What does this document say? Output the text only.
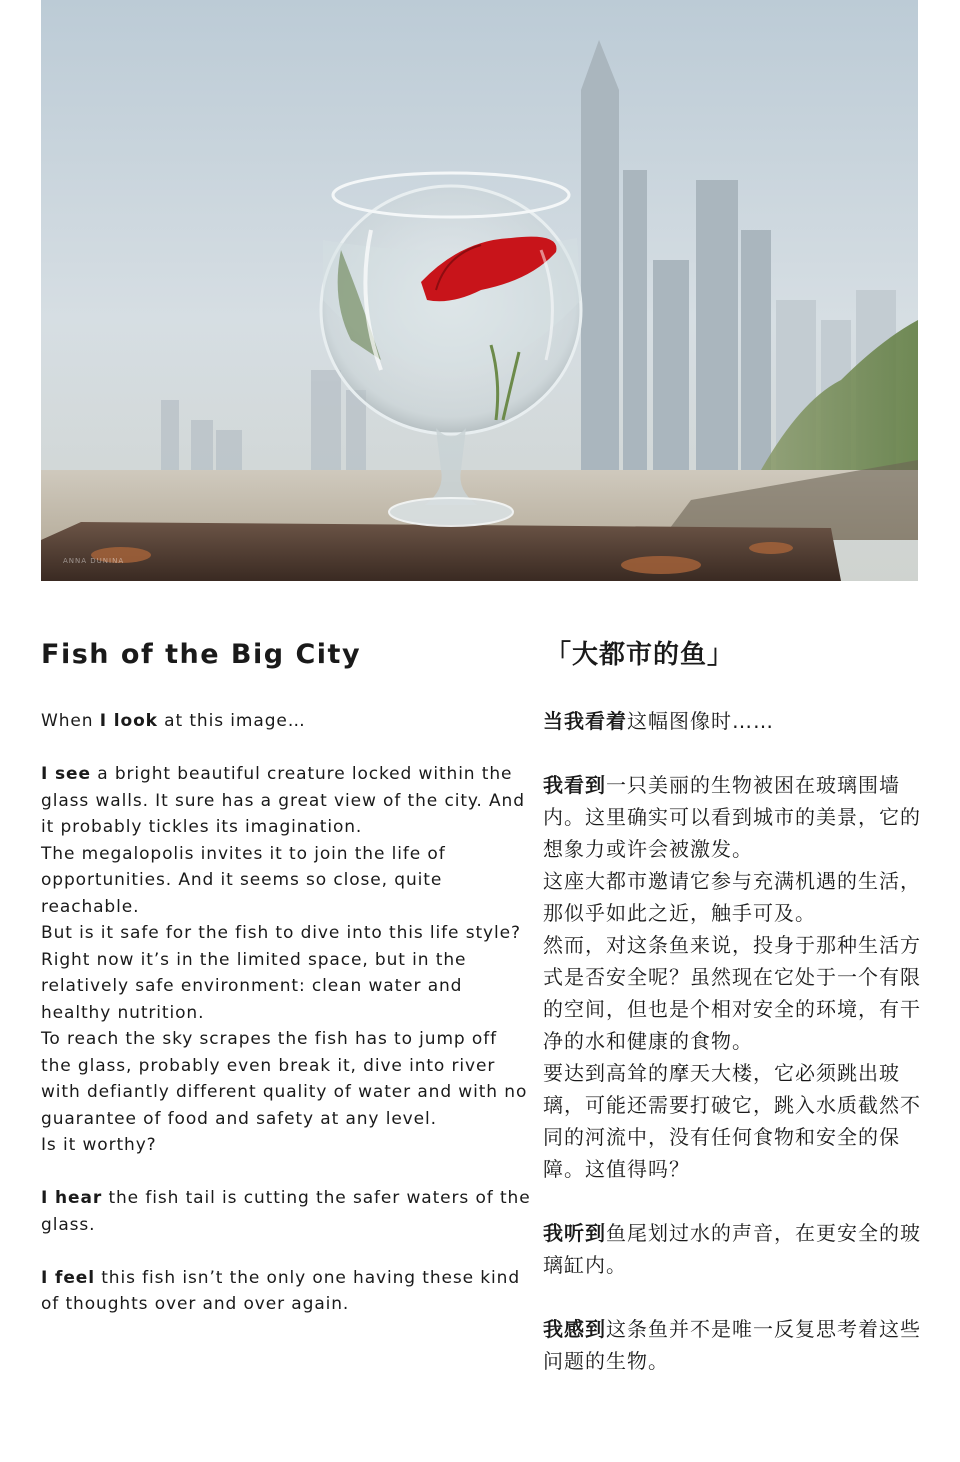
ANNA DUNINA
Fish of the Big City

When I look at this image…

I see a bright beautiful creature locked within the glass walls. It sure has a great view of the city. And it probably tickles its imagination.

The megalopolis invites it to join the life of opportunities. And it seems so close, quite reachable.

But is it safe for the fish to dive into this life style?

Right now it’s in the limited space, but in the relatively safe environment: clean water and healthy nutrition.

To reach the sky scrapes the fish has to jump off the glass, probably even break it, dive into river with defiantly different quality of water and with no guarantee of food and safety at any level.

Is it worthy?

I hear the fish tail is cutting the safer waters of the glass.

I feel this fish isn’t the only one having these kind of thoughts over and over again.

「大都市的鱼」

当我看着这幅图像时……

我看到一只美丽的生物被困在玻璃围墙内。这里确实可以看到城市的美景，它的想象力或许会被激发。

这座大都市邀请它参与充满机遇的生活，那似乎如此之近，触手可及。

然而，对这条鱼来说，投身于那种生活方式是否安全呢？虽然现在它处于一个有限的空间，但也是个相对安全的环境，有干净的水和健康的食物。

要达到高耸的摩天大楼，它必须跳出玻璃，可能还需要打破它，跳入水质截然不同的河流中，没有任何食物和安全的保障。这值得吗？

我听到鱼尾划过水的声音，在更安全的玻璃缸内。

我感到这条鱼并不是唯一反复思考着这些问题的生物。
